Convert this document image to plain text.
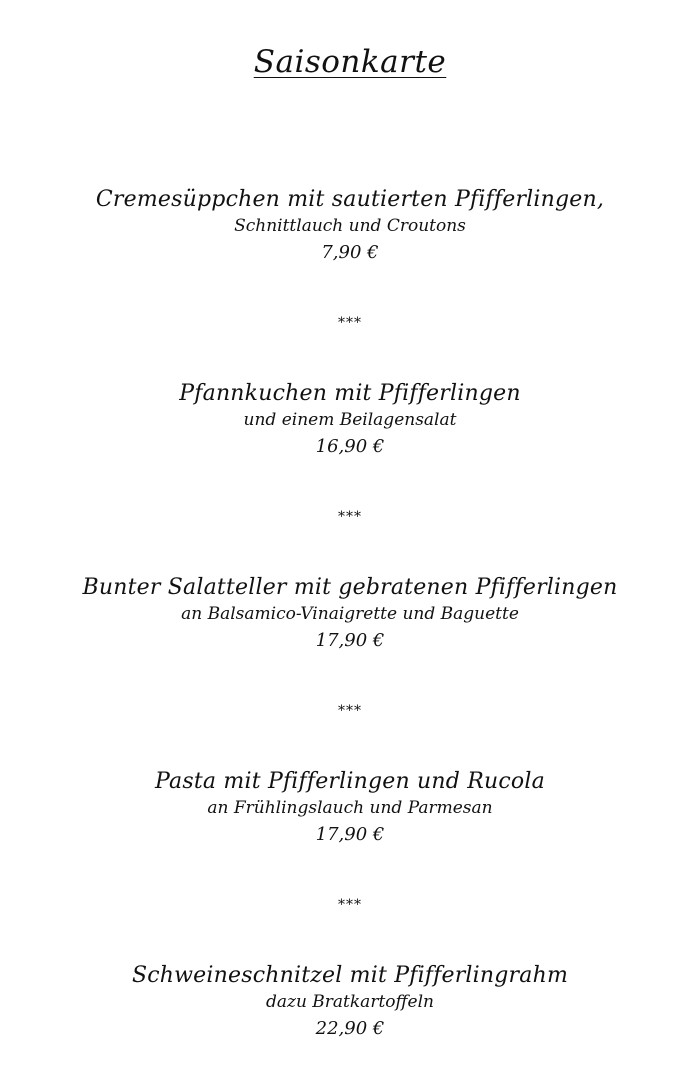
Saisonkarte
Cremesüppchen mit sautierten Pfifferlingen,
Schnittlauch und Croutons
7,90 €
***
Pfannkuchen mit Pfifferlingen
und einem Beilagensalat
16,90 €
***
Bunter Salatteller mit gebratenen Pfifferlingen
an Balsamico-Vinaigrette und Baguette
17,90 €
***
Pasta mit Pfifferlingen und Rucola
an Frühlingslauch und Parmesan
17,90 €
***
Schweineschnitzel mit Pfifferlingrahm
dazu Bratkartoffeln
22,90 €
